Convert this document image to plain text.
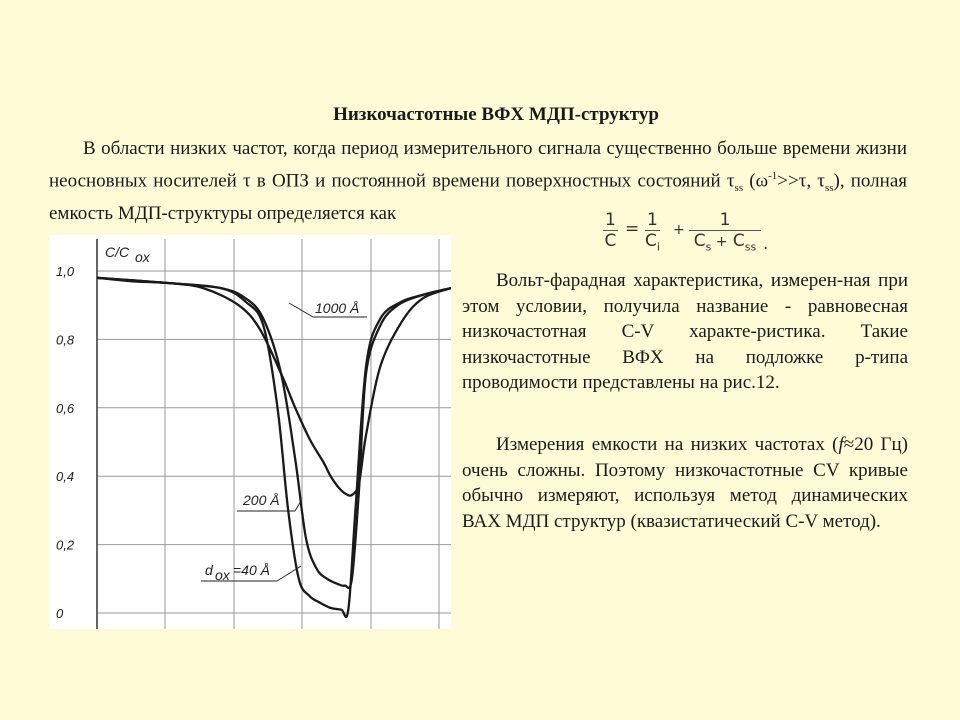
Низкочастотные ВФХ МДП-структур

В области низких частот, когда период измерительного сигнала существенно больше времени жизни неосновных носителей τ в ОПЗ и постоянной времени поверхностных состояний $\tau_{ss}$ ($\omega^{-1}>>\tau$, $\tau_{ss}$), полная емкость МДП-структуры определяется как	$\frac{1}{C} = \frac{1}{C_i}$ +	1
$C_s + C_{ss}$ .
1,0
0,8
0,6
0,4
0,2
0
C/C ox
1000 Å
200 Å
d ox =40 Å

Вольт-фарадная характеристика, измерен-ная при этом условии, получила название - равновесная низкочастотная C-V характе-ристика. Такие низкочастотные ВФХ на подложке p-типа проводимости представлены на рис.12.

Измерения емкости на низких частотах (f≈20 Гц) очень сложны. Поэтому низкочастотные CV кривые обычно измеряют, используя метод динамических ВАХ МДП структур (квазистатический C-V метод).
